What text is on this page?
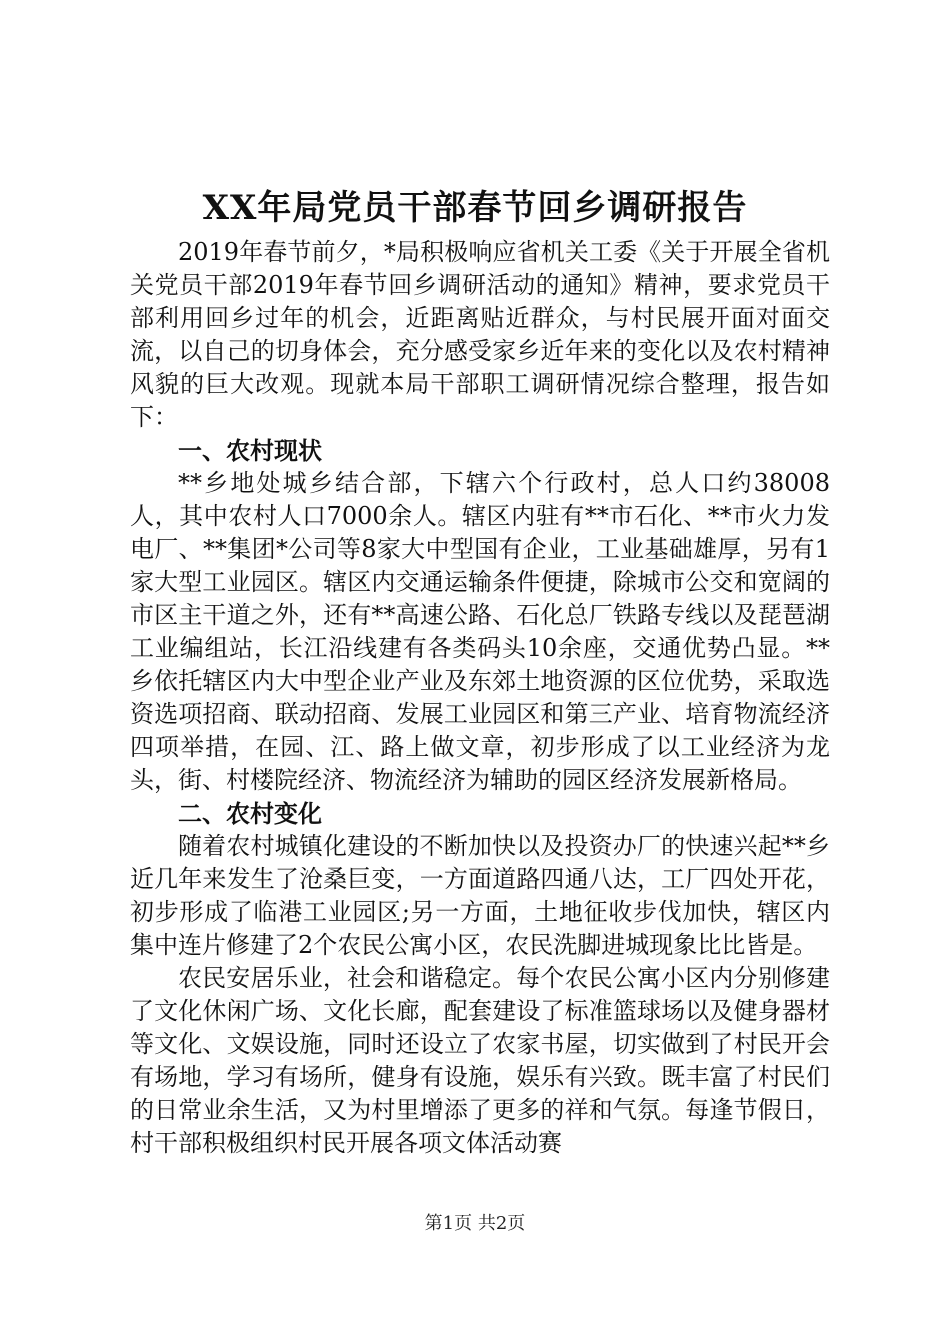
XX年局党员干部春节回乡调研报告

2019年春节前夕，*局积极响应省机关工委《关于开展全省机关党员干部2019年春节回乡调研活动的通知》精神，要求党员干部利用回乡过年的机会，近距离贴近群众，与村民展开面对面交流，以自己的切身体会，充分感受家乡近年来的变化以及农村精神风貌的巨大改观。现就本局干部职工调研情况综合整理，报告如下：

一、农村现状

**乡地处城乡结合部，下辖六个行政村，总人口约38008人，其中农村人口7000余人。辖区内驻有**市石化、**市火力发电厂、**集团*公司等8家大中型国有企业，工业基础雄厚，另有1家大型工业园区。辖区内交通运输条件便捷，除城市公交和宽阔的市区主干道之外，还有**高速公路、石化总厂铁路专线以及琵琶湖工业编组站，长江沿线建有各类码头10余座，交通优势凸显。**乡依托辖区内大中型企业产业及东郊土地资源的区位优势，采取选资选项招商、联动招商、发展工业园区和第三产业、培育物流经济四项举措，在园、江、路上做文章，初步形成了以工业经济为龙头，街、村楼院经济、物流经济为辅助的园区经济发展新格局。

二、农村变化

随着农村城镇化建设的不断加快以及投资办厂的快速兴起**乡近几年来发生了沧桑巨变，一方面道路四通八达，工厂四处开花，初步形成了临港工业园区;另一方面，土地征收步伐加快，辖区内集中连片修建了2个农民公寓小区，农民洗脚进城现象比比皆是。

农民安居乐业，社会和谐稳定。每个农民公寓小区内分别修建了文化休闲广场、文化长廊，配套建设了标准篮球场以及健身器材等文化、文娱设施，同时还设立了农家书屋，切实做到了村民开会有场地，学习有场所，健身有设施，娱乐有兴致。既丰富了村民们的日常业余生活，又为村里增添了更多的祥和气氛。每逢节假日，村干部积极组织村民开展各项文体活动赛

第1页 共2页
